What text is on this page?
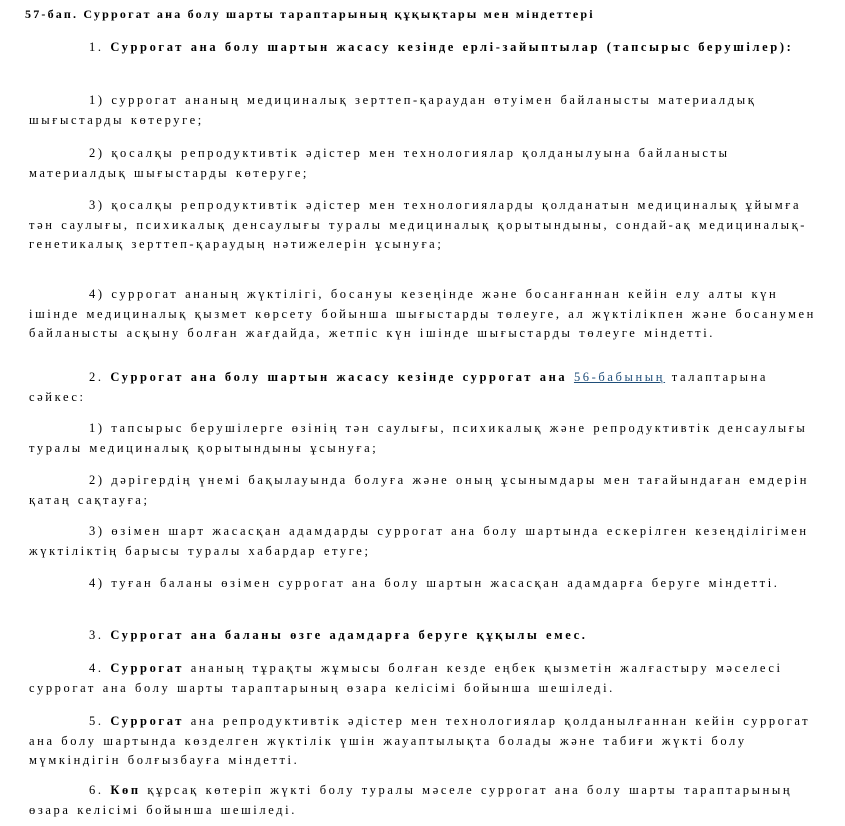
57-бап. Суррогат ана болу шарты тараптарының құқықтары мен міндеттері

1. Суррогат ана болу шартын жасасу кезінде ерлі-зайыптылар (тапсырыс берушілер):

1) суррогат ананың медициналық зерттеп-қараудан өтуімен байланысты материалдық шығыстарды көтеруге;

2) қосалқы репродуктивтік әдістер мен технологиялар қолданылуына байланысты материалдық шығыстарды көтеруге;

3) қосалқы репродуктивтік әдістер мен технологияларды қолданатын медициналық ұйымға тән саулығы, психикалық денсаулығы туралы медициналық қорытындыны, сондай-ақ медициналық-генетикалық зерттеп-қараудың нәтижелерін ұсынуға;

4) суррогат ананың жүктілігі, босануы кезеңінде және босанғаннан кейін елу алты күн ішінде медициналық қызмет көрсету бойынша шығыстарды төлеуге, ал жүктілікпен және босанумен байланысты асқыну болған жағдайда, жетпіс күн ішінде шығыстарды төлеуге міндетті.

2. Суррогат ана болу шартын жасасу кезінде суррогат ана 56-бабының талаптарына сәйкес:

1) тапсырыс берушілерге өзінің тән саулығы, психикалық және репродуктивтік денсаулығы туралы медициналық қорытындыны ұсынуға;

2) дәрігердің үнемі бақылауында болуға және оның ұсынымдары мен тағайындаған емдерін қатаң сақтауға;

3) өзімен шарт жасасқан адамдарды суррогат ана болу шартында ескерілген кезеңділігімен жүктіліктің барысы туралы хабардар етуге;

4) туған баланы өзімен суррогат ана болу шартын жасасқан адамдарға беруге міндетті.

3. Суррогат ана баланы өзге адамдарға беруге құқылы емес.

4. Суррогат ананың тұрақты жұмысы болған кезде еңбек қызметін жалғастыру мәселесі суррогат ана болу шарты тараптарының өзара келісімі бойынша шешіледі.

5. Суррогат ана репродуктивтік әдістер мен технологиялар қолданылғаннан кейін суррогат ана болу шартында көзделген жүктілік үшін жауаптылықта болады және табиғи жүкті болу мүмкіндігін болғызбауға міндетті.

6. Көп құрсақ көтеріп жүкті болу туралы мәселе суррогат ана болу шарты тараптарының өзара келісімі бойынша шешіледі.
